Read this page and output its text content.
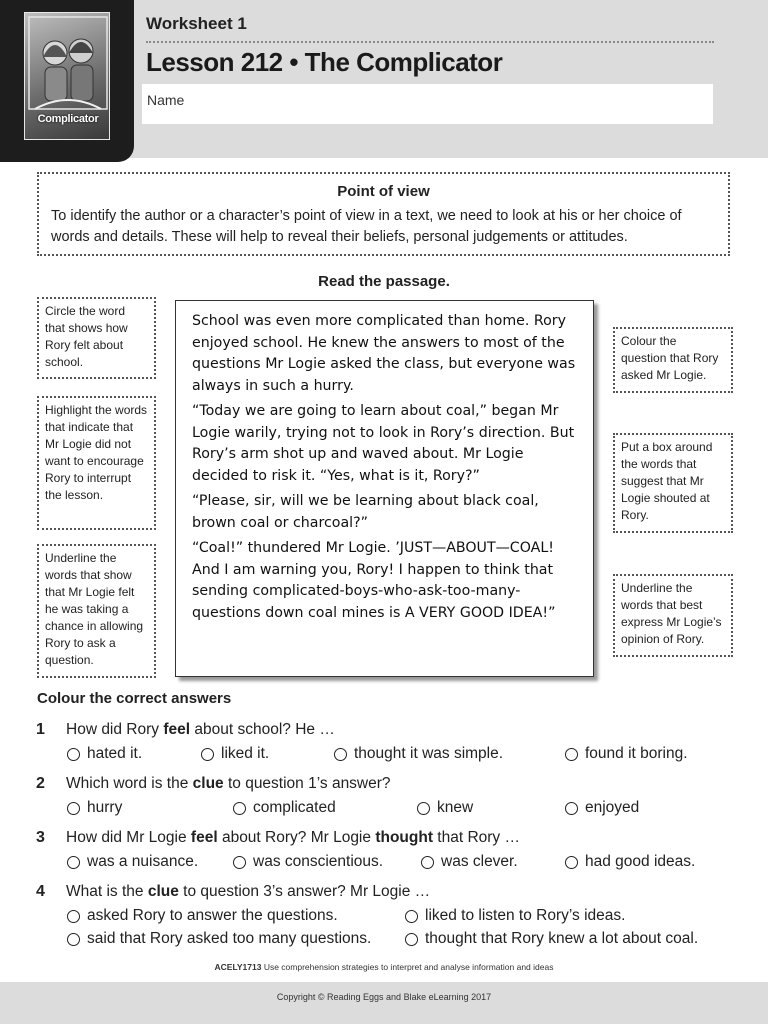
Complicator
Worksheet 1
Lesson 212 • The Complicator
Name
Point of view
To identify the author or a character’s point of view in a text, we need to look at his or her choice of words and details. These will help to reveal their beliefs, personal judgements or attitudes.
Read the passage.
Circle the word that shows how Rory felt about school.
Highlight the words that indicate that Mr Logie did not want to encourage Rory to interrupt the lesson.
Underline the words that show that Mr Logie felt he was taking a chance in allowing Rory to ask a question.
Colour the question that Rory asked Mr Logie.
Put a box around the words that suggest that Mr Logie shouted at Rory.
Underline the words that best express Mr Logie’s opinion of Rory.

School was even more complicated than home. Rory enjoyed school. He knew the answers to most of the questions Mr Logie asked the class, but everyone was always in such a hurry.

“Today we are going to learn about coal,” began Mr Logie warily, trying not to look in Rory’s direction. But Rory’s arm shot up and waved about. Mr Logie decided to risk it. “Yes, what is it, Rory?”

“Please, sir, will we be learning about black coal, brown coal or charcoal?”

“Coal!” thundered Mr Logie. ’JUST—ABOUT—COAL! And I am warning you, Rory! I happen to think that sending complicated-boys-who-ask-too-many-questions down coal mines is A VERY GOOD IDEA!”

Colour the correct answers
1 How did Rory feel about school? He …
hated it.	liked it.	thought it was simple.	found it boring.
2 Which word is the clue to question 1’s answer?
hurry	complicated	knew	enjoyed
3 How did Mr Logie feel about Rory? Mr Logie thought that Rory …
was a nuisance.	was conscientious.	was clever.	had good ideas.
4 What is the clue to question 3’s answer? Mr Logie …
asked Rory to answer the questions.	liked to listen to Rory’s ideas.
said that Rory asked too many questions.	thought that Rory knew a lot about coal.
ACELY1713 Use comprehension strategies to interpret and analyse information and ideas
Copyright © Reading Eggs and Blake eLearning 2017
